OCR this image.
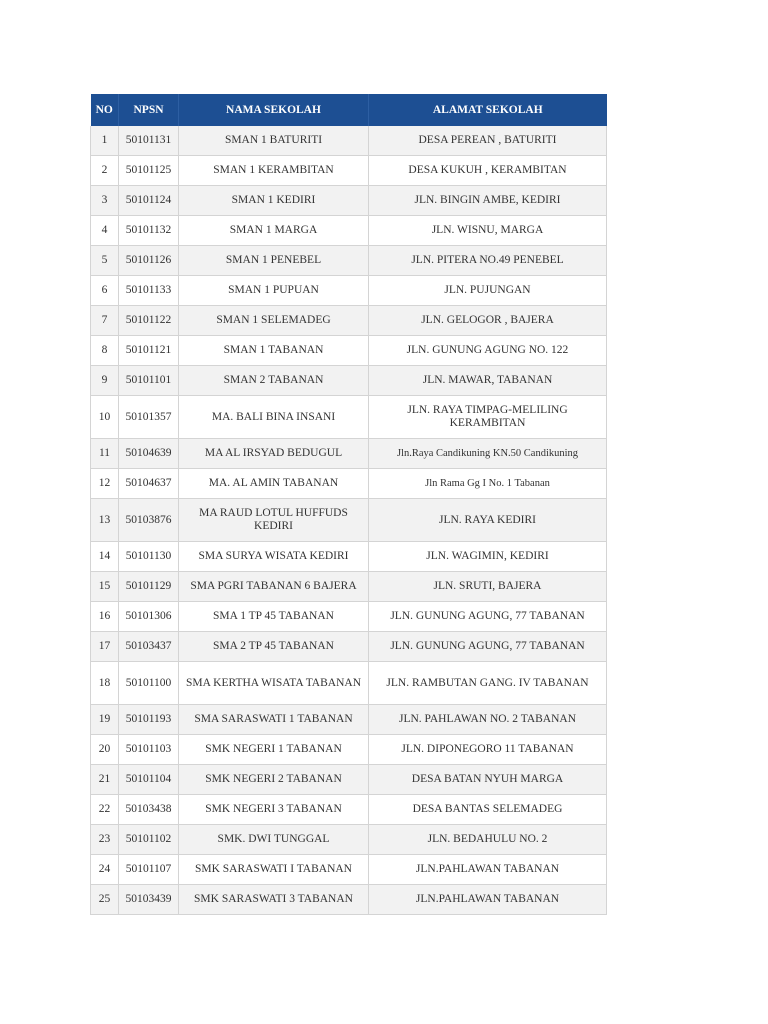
NO	NPSN	NAMA SEKOLAH	ALAMAT SEKOLAH
1	50101131	SMAN 1 BATURITI	DESA PEREAN , BATURITI
2	50101125	SMAN 1 KERAMBITAN	DESA KUKUH , KERAMBITAN
3	50101124	SMAN 1 KEDIRI	JLN. BINGIN AMBE, KEDIRI
4	50101132	SMAN 1 MARGA	JLN. WISNU, MARGA
5	50101126	SMAN 1 PENEBEL	JLN. PITERA NO.49 PENEBEL
6	50101133	SMAN 1 PUPUAN	JLN. PUJUNGAN
7	50101122	SMAN 1 SELEMADEG	JLN. GELOGOR , BAJERA
8	50101121	SMAN 1 TABANAN	JLN. GUNUNG AGUNG NO. 122
9	50101101	SMAN 2 TABANAN	JLN. MAWAR, TABANAN
10	50101357	MA. BALI BINA INSANI	JLN. RAYA TIMPAG-MELILING KERAMBITAN
11	50104639	MA AL IRSYAD BEDUGUL	Jln.Raya Candikuning KN.50 Candikuning
12	50104637	MA. AL AMIN TABANAN	Jln Rama Gg I No. 1 Tabanan
13	50103876	MA RAUD LOTUL HUFFUDS KEDIRI	JLN. RAYA KEDIRI
14	50101130	SMA SURYA WISATA KEDIRI	JLN. WAGIMIN, KEDIRI
15	50101129	SMA PGRI TABANAN 6 BAJERA	JLN. SRUTI, BAJERA
16	50101306	SMA 1 TP 45 TABANAN	JLN. GUNUNG AGUNG, 77 TABANAN
17	50103437	SMA 2 TP 45 TABANAN	JLN. GUNUNG AGUNG, 77 TABANAN
18	50101100	SMA KERTHA WISATA TABANAN	JLN. RAMBUTAN GANG. IV TABANAN
19	50101193	SMA SARASWATI 1 TABANAN	JLN. PAHLAWAN NO. 2 TABANAN
20	50101103	SMK NEGERI 1 TABANAN	JLN. DIPONEGORO 11 TABANAN
21	50101104	SMK NEGERI 2 TABANAN	DESA BATAN NYUH MARGA
22	50103438	SMK NEGERI 3 TABANAN	DESA BANTAS SELEMADEG
23	50101102	SMK. DWI TUNGGAL	JLN. BEDAHULU NO. 2
24	50101107	SMK SARASWATI I TABANAN	JLN.PAHLAWAN TABANAN
25	50103439	SMK SARASWATI 3 TABANAN	JLN.PAHLAWAN TABANAN
